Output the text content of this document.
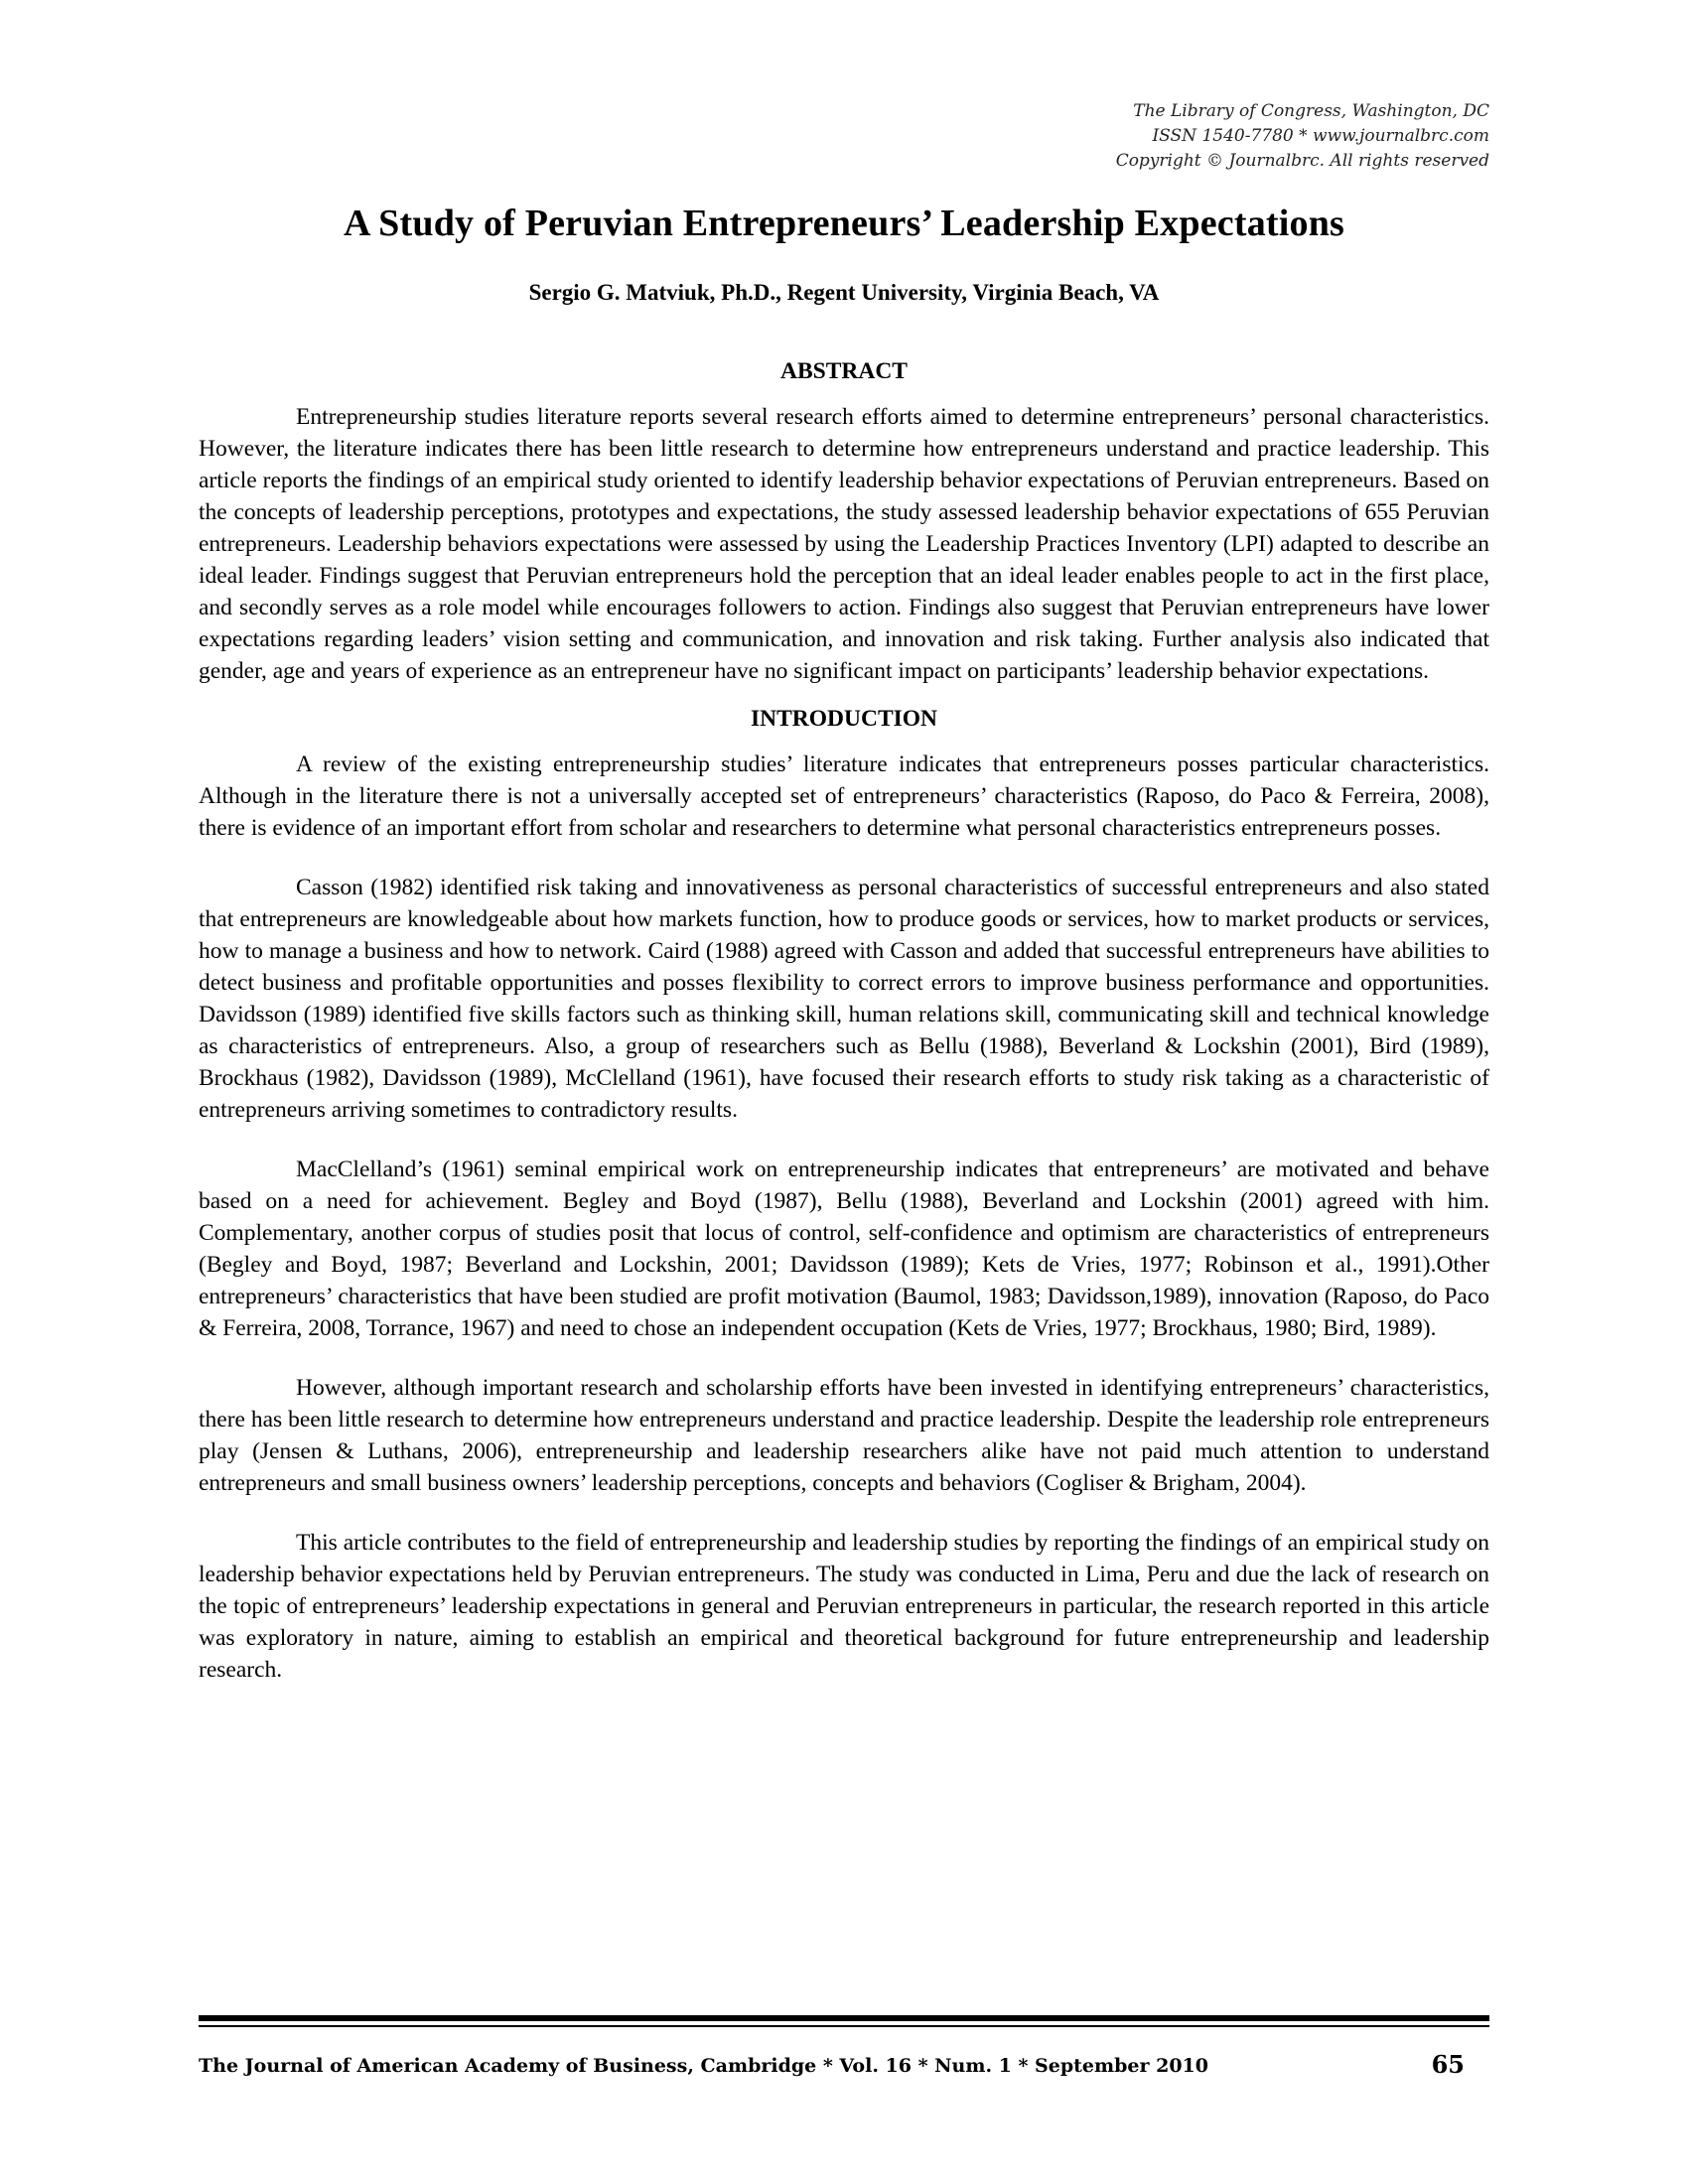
The Library of Congress, Washington, DC
ISSN 1540-7780 * www.journalbrc.com
Copyright © Journalbrc. All rights reserved
A Study of Peruvian Entrepreneurs’ Leadership Expectations
Sergio G. Matviuk, Ph.D., Regent University, Virginia Beach, VA
ABSTRACT

Entrepreneurship studies literature reports several research efforts aimed to determine entrepreneurs’ personal characteristics. However, the literature indicates there has been little research to determine how entrepreneurs understand and practice leadership. This article reports the findings of an empirical study oriented to identify leadership behavior expectations of Peruvian entrepreneurs. Based on the concepts of leadership perceptions, prototypes and expectations, the study assessed leadership behavior expectations of 655 Peruvian entrepreneurs. Leadership behaviors expectations were assessed by using the Leadership Practices Inventory (LPI) adapted to describe an ideal leader. Findings suggest that Peruvian entrepreneurs hold the perception that an ideal leader enables people to act in the first place, and secondly serves as a role model while encourages followers to action. Findings also suggest that Peruvian entrepreneurs have lower expectations regarding leaders’ vision setting and communication, and innovation and risk taking. Further analysis also indicated that gender, age and years of experience as an entrepreneur have no significant impact on participants’ leadership behavior expectations.

INTRODUCTION

A review of the existing entrepreneurship studies’ literature indicates that entrepreneurs posses particular characteristics. Although in the literature there is not a universally accepted set of entrepreneurs’ characteristics (Raposo, do Paco & Ferreira, 2008), there is evidence of an important effort from scholar and researchers to determine what personal characteristics entrepreneurs posses.

Casson (1982) identified risk taking and innovativeness as personal characteristics of successful entrepreneurs and also stated that entrepreneurs are knowledgeable about how markets function, how to produce goods or services, how to market products or services, how to manage a business and how to network. Caird (1988) agreed with Casson and added that successful entrepreneurs have abilities to detect business and profitable opportunities and posses flexibility to correct errors to improve business performance and opportunities. Davidsson (1989) identified five skills factors such as thinking skill, human relations skill, communicating skill and technical knowledge as characteristics of entrepreneurs. Also, a group of researchers such as Bellu (1988), Beverland & Lockshin (2001), Bird (1989), Brockhaus (1982), Davidsson (1989), McClelland (1961), have focused their research efforts to study risk taking as a characteristic of entrepreneurs arriving sometimes to contradictory results.

MacClelland’s (1961) seminal empirical work on entrepreneurship indicates that entrepreneurs’ are motivated and behave based on a need for achievement. Begley and Boyd (1987), Bellu (1988), Beverland and Lockshin (2001) agreed with him. Complementary, another corpus of studies posit that locus of control, self-confidence and optimism are characteristics of entrepreneurs (Begley and Boyd, 1987; Beverland and Lockshin, 2001; Davidsson (1989); Kets de Vries, 1977; Robinson et al., 1991).Other entrepreneurs’ characteristics that have been studied are profit motivation (Baumol, 1983; Davidsson,1989), innovation (Raposo, do Paco & Ferreira, 2008, Torrance, 1967) and need to chose an independent occupation (Kets de Vries, 1977; Brockhaus, 1980; Bird, 1989).

However, although important research and scholarship efforts have been invested in identifying entrepreneurs’ characteristics, there has been little research to determine how entrepreneurs understand and practice leadership. Despite the leadership role entrepreneurs play (Jensen & Luthans, 2006), entrepreneurship and leadership researchers alike have not paid much attention to understand entrepreneurs and small business owners’ leadership perceptions, concepts and behaviors (Cogliser & Brigham, 2004).

This article contributes to the field of entrepreneurship and leadership studies by reporting the findings of an empirical study on leadership behavior expectations held by Peruvian entrepreneurs. The study was conducted in Lima, Peru and due the lack of research on the topic of entrepreneurs’ leadership expectations in general and Peruvian entrepreneurs in particular, the research reported in this article was exploratory in nature, aiming to establish an empirical and theoretical background for future entrepreneurship and leadership research.

The Journal of American Academy of Business, Cambridge * Vol. 16 * Num. 1 * September 2010	65
